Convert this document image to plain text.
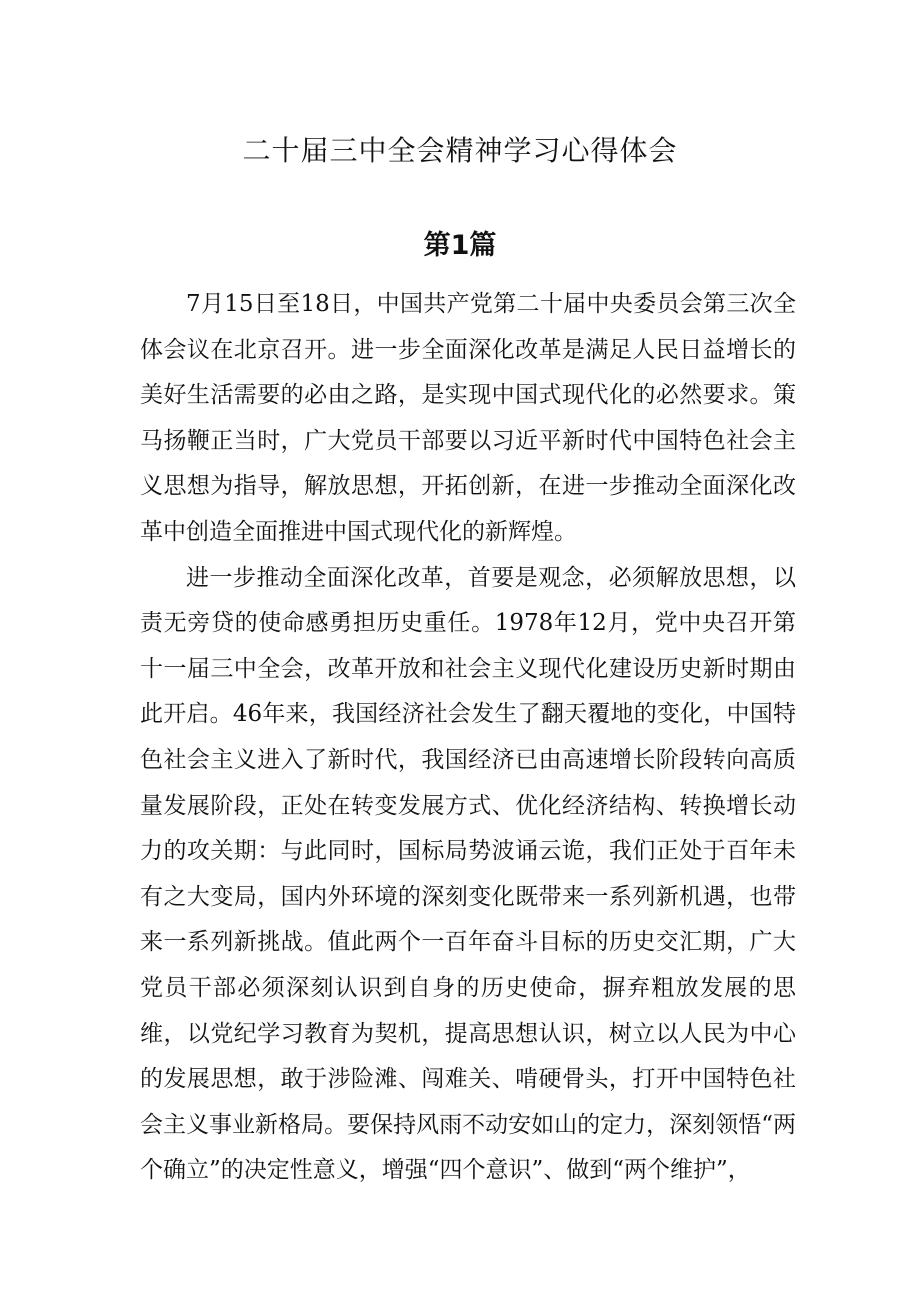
二十届三中全会精神学习心得体会
第1篇

7月15日至18日，中国共产党第二十届中央委员会第三次全体会议在北京召开。进一步全面深化改革是满足人民日益增长的美好生活需要的必由之路，是实现中国式现代化的必然要求。策马扬鞭正当时，广大党员干部要以习近平新时代中国特色社会主义思想为指导，解放思想，开拓创新，在进一步推动全面深化改革中创造全面推进中国式现代化的新辉煌。

进一步推动全面深化改革，首要是观念，必须解放思想，以责无旁贷的使命感勇担历史重任。1978年12月，党中央召开第十一届三中全会，改革开放和社会主义现代化建设历史新时期由此开启。46年来，我国经济社会发生了翻天覆地的变化，中国特色社会主义进入了新时代，我国经济已由高速增长阶段转向高质量发展阶段，正处在转变发展方式、优化经济结构、转换增长动力的攻关期：与此同时，国标局势波诵云诡，我们正处于百年未有之大变局，国内外环境的深刻变化既带来一系列新机遇，也带来一系列新挑战。值此两个一百年奋斗目标的历史交汇期，广大党员干部必须深刻认识到自身的历史使命，摒弃粗放发展的思维，以党纪学习教育为契机，提高思想认识，树立以人民为中心的发展思想，敢于涉险滩、闯难关、啃硬骨头，打开中国特色社会主义事业新格局。要保持风雨不动安如山的定力，深刻领悟“两个确立”的决定性意义，增强“四个意识”、做到“两个维护”，
